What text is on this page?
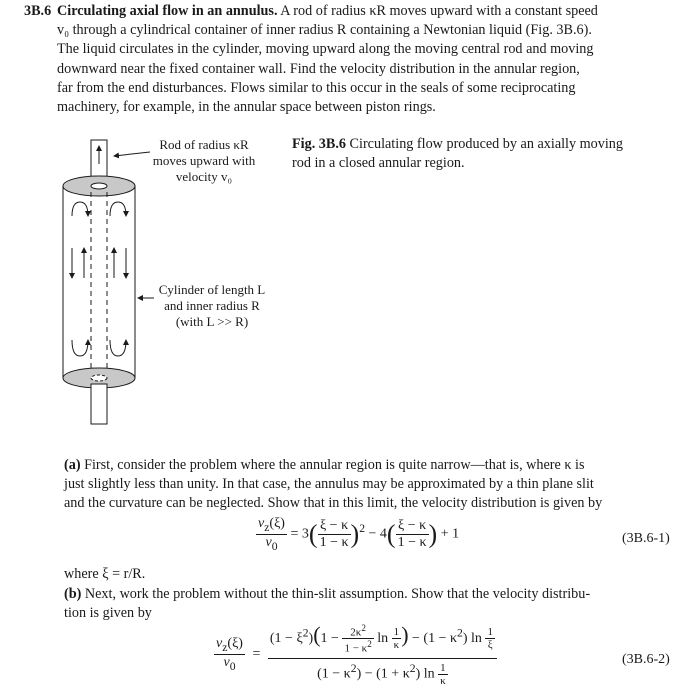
3B.6 Circulating axial flow in an annulus. A rod of radius κR moves upward with a constant speed
v₀ through a cylindrical container of inner radius R containing a Newtonian liquid (Fig. 3B.6).
The liquid circulates in the cylinder, moving upward along the moving central rod and moving
downward near the fixed container wall. Find the velocity distribution in the annular region,
far from the end disturbances. Flows similar to this occur in the seals of some reciprocating
machinery, for example, in the annular space between piston rings.
Rod of radius κR
moves upward with
velocity v₀
Cylinder of length L
and inner radius R
(with L >> R)
Fig. 3B.6 Circulating flow produced by an axially moving
rod in a closed annular region.
(a) First, consider the problem where the annular region is quite narrow—that is, where κ is
just slightly less than unity. In that case, the annulus may be approximated by a thin plane slit
and the curvature can be neglected. Show that in this limit, the velocity distribution is given by
$\frac{v_z(\xi)}{v_0} = 3( \frac{\xi - \kappa}{1 - \kappa} )^2 - 4( \frac{\xi - \kappa}{1 - \kappa}$ ) + 1	(3B.6-1)
where ξ = r/R.
(b) Next, work the problem without the thin-slit assumption. Show that the velocity distribu-
tion is given by
$\frac{v_z(\xi)}{v_0} = \frac{(1 - \xi^2)(1 - \frac{2\kappa^2}{1 - \kappa^2} \ln \frac{1}{\kappa} ) - (1 - \kappa^2) \ln \frac{1}{\xi}}{(1 - \kappa^2) - (1 + \kappa^2) \ln \frac{1}{\kappa}}$	(3B.6-2)
